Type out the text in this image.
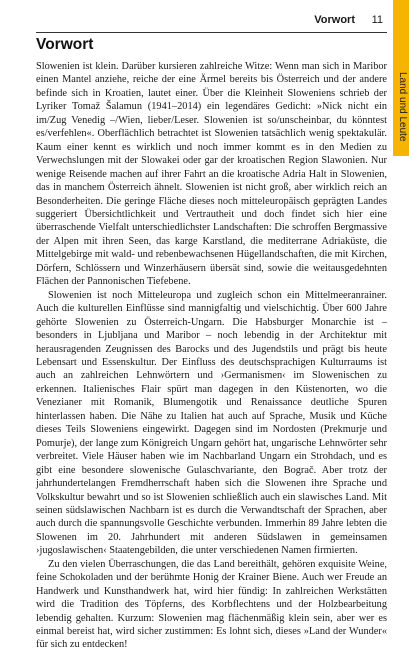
Land und Leute
Vorwort 11
Vorwort

Slowenien ist klein. Darüber kursieren zahlreiche Witze: Wenn man sich in Maribor einen Mantel anziehe, reiche der eine Ärmel bereits bis Österreich und der andere befinde sich in Kroatien, lautet einer. Über die Kleinheit Sloweniens schrieb der Lyriker Tomaž Šalamun (1941–2014) ein legendäres Gedicht: »Nick nicht ein im/Zug Venedig –/Wien, lieber/Leser. Slowenien ist so/unscheinbar, du könntest es/verfehlen«. Oberflächlich betrachtet ist Slowenien tatsächlich wenig spektakulär. Kaum einer kennt es wirklich und noch immer kommt es in den Medien zu Verwechslungen mit der Slowakei oder gar der kroatischen Region Slawonien. Nur wenige Reisende machen auf ihrer Fahrt an die kroatische Adria Halt in Slowenien, das in manchem Österreich ähnelt. Slowenien ist nicht groß, aber wirklich reich an Besonderheiten. Die geringe Fläche dieses noch mitteleuropäisch geprägten Landes suggeriert Übersichtlichkeit und Vertrautheit und doch findet sich hier eine überraschende Vielfalt unterschiedlichster Landschaften: Die schroffen Bergmassive der Alpen mit ihren Seen, das karge Karstland, die mediterrane Adriaküste, die Mittelgebirge mit wald- und rebenbewachsenen Hügellandschaften, die mit Kirchen, Dörfern, Schlössern und Winzerhäusern übersät sind, sowie die weitausgedehnten Flächen der Pannonischen Tiefebene.

Slowenien ist noch Mitteleuropa und zugleich schon ein Mittelmeeranrainer. Auch die kulturellen Einflüsse sind mannigfaltig und vielschichtig. Über 600 Jahre gehörte Slowenien zu Österreich-Ungarn. Die Habsburger Monarchie ist – besonders in Ljubljana und Maribor – noch lebendig in der Architektur mit herausragenden Zeugnissen des Barocks und des Jugendstils und prägt bis heute Lebensart und Essenskultur. Der Einfluss des deutschsprachigen Kulturraums ist auch an zahlreichen Lehnwörtern und ›Germanismen‹ im Slowenischen zu erkennen. Italienisches Flair spürt man dagegen in den Küstenorten, wo die Venezianer mit Romanik, Blumengotik und Renaissance deutliche Spuren hinterlassen haben. Die Nähe zu Italien hat auch auf Sprache, Musik und Küche dieses Teils Sloweniens eingewirkt. Dagegen sind im Nordosten (Prekmurje und Pomurje), der lange zum Königreich Ungarn gehört hat, ungarische Lehnwörter sehr verbreitet. Viele Häuser haben wie im Nachbarland Ungarn ein Strohdach, und es gibt eine besondere slowenische Gulaschvariante, den Bograč. Aber trotz der jahrhundertelangen Fremdherrschaft haben sich die Slowenen ihre Sprache und Volkskultur bewahrt und so ist Slowenien schließlich auch ein slawisches Land. Mit seinen südslawischen Nachbarn ist es durch die Verwandtschaft der Sprachen, aber auch durch die spannungsvolle Geschichte verbunden. Immerhin 89 Jahre lebten die Slowenen im 20. Jahrhundert mit anderen Südslawen in gemeinsamen ›jugoslawischen‹ Staatengebilden, die unter verschiedenen Namen firmierten.

Zu den vielen Überraschungen, die das Land bereithält, gehören exquisite Weine, feine Schokoladen und der berühmte Honig der Krainer Biene. Auch wer Freude an Handwerk und Kunsthandwerk hat, wird hier fündig: In zahlreichen Werkstätten wird die Tradition des Töpferns, des Korbflechtens und der Holzbearbeitung lebendig gehalten. Kurzum: Slowenien mag flächenmäßig klein sein, aber wer es einmal bereist hat, wird sicher zustimmen: Es lohnt sich, dieses »Land der Wunder« für sich zu entdecken!
